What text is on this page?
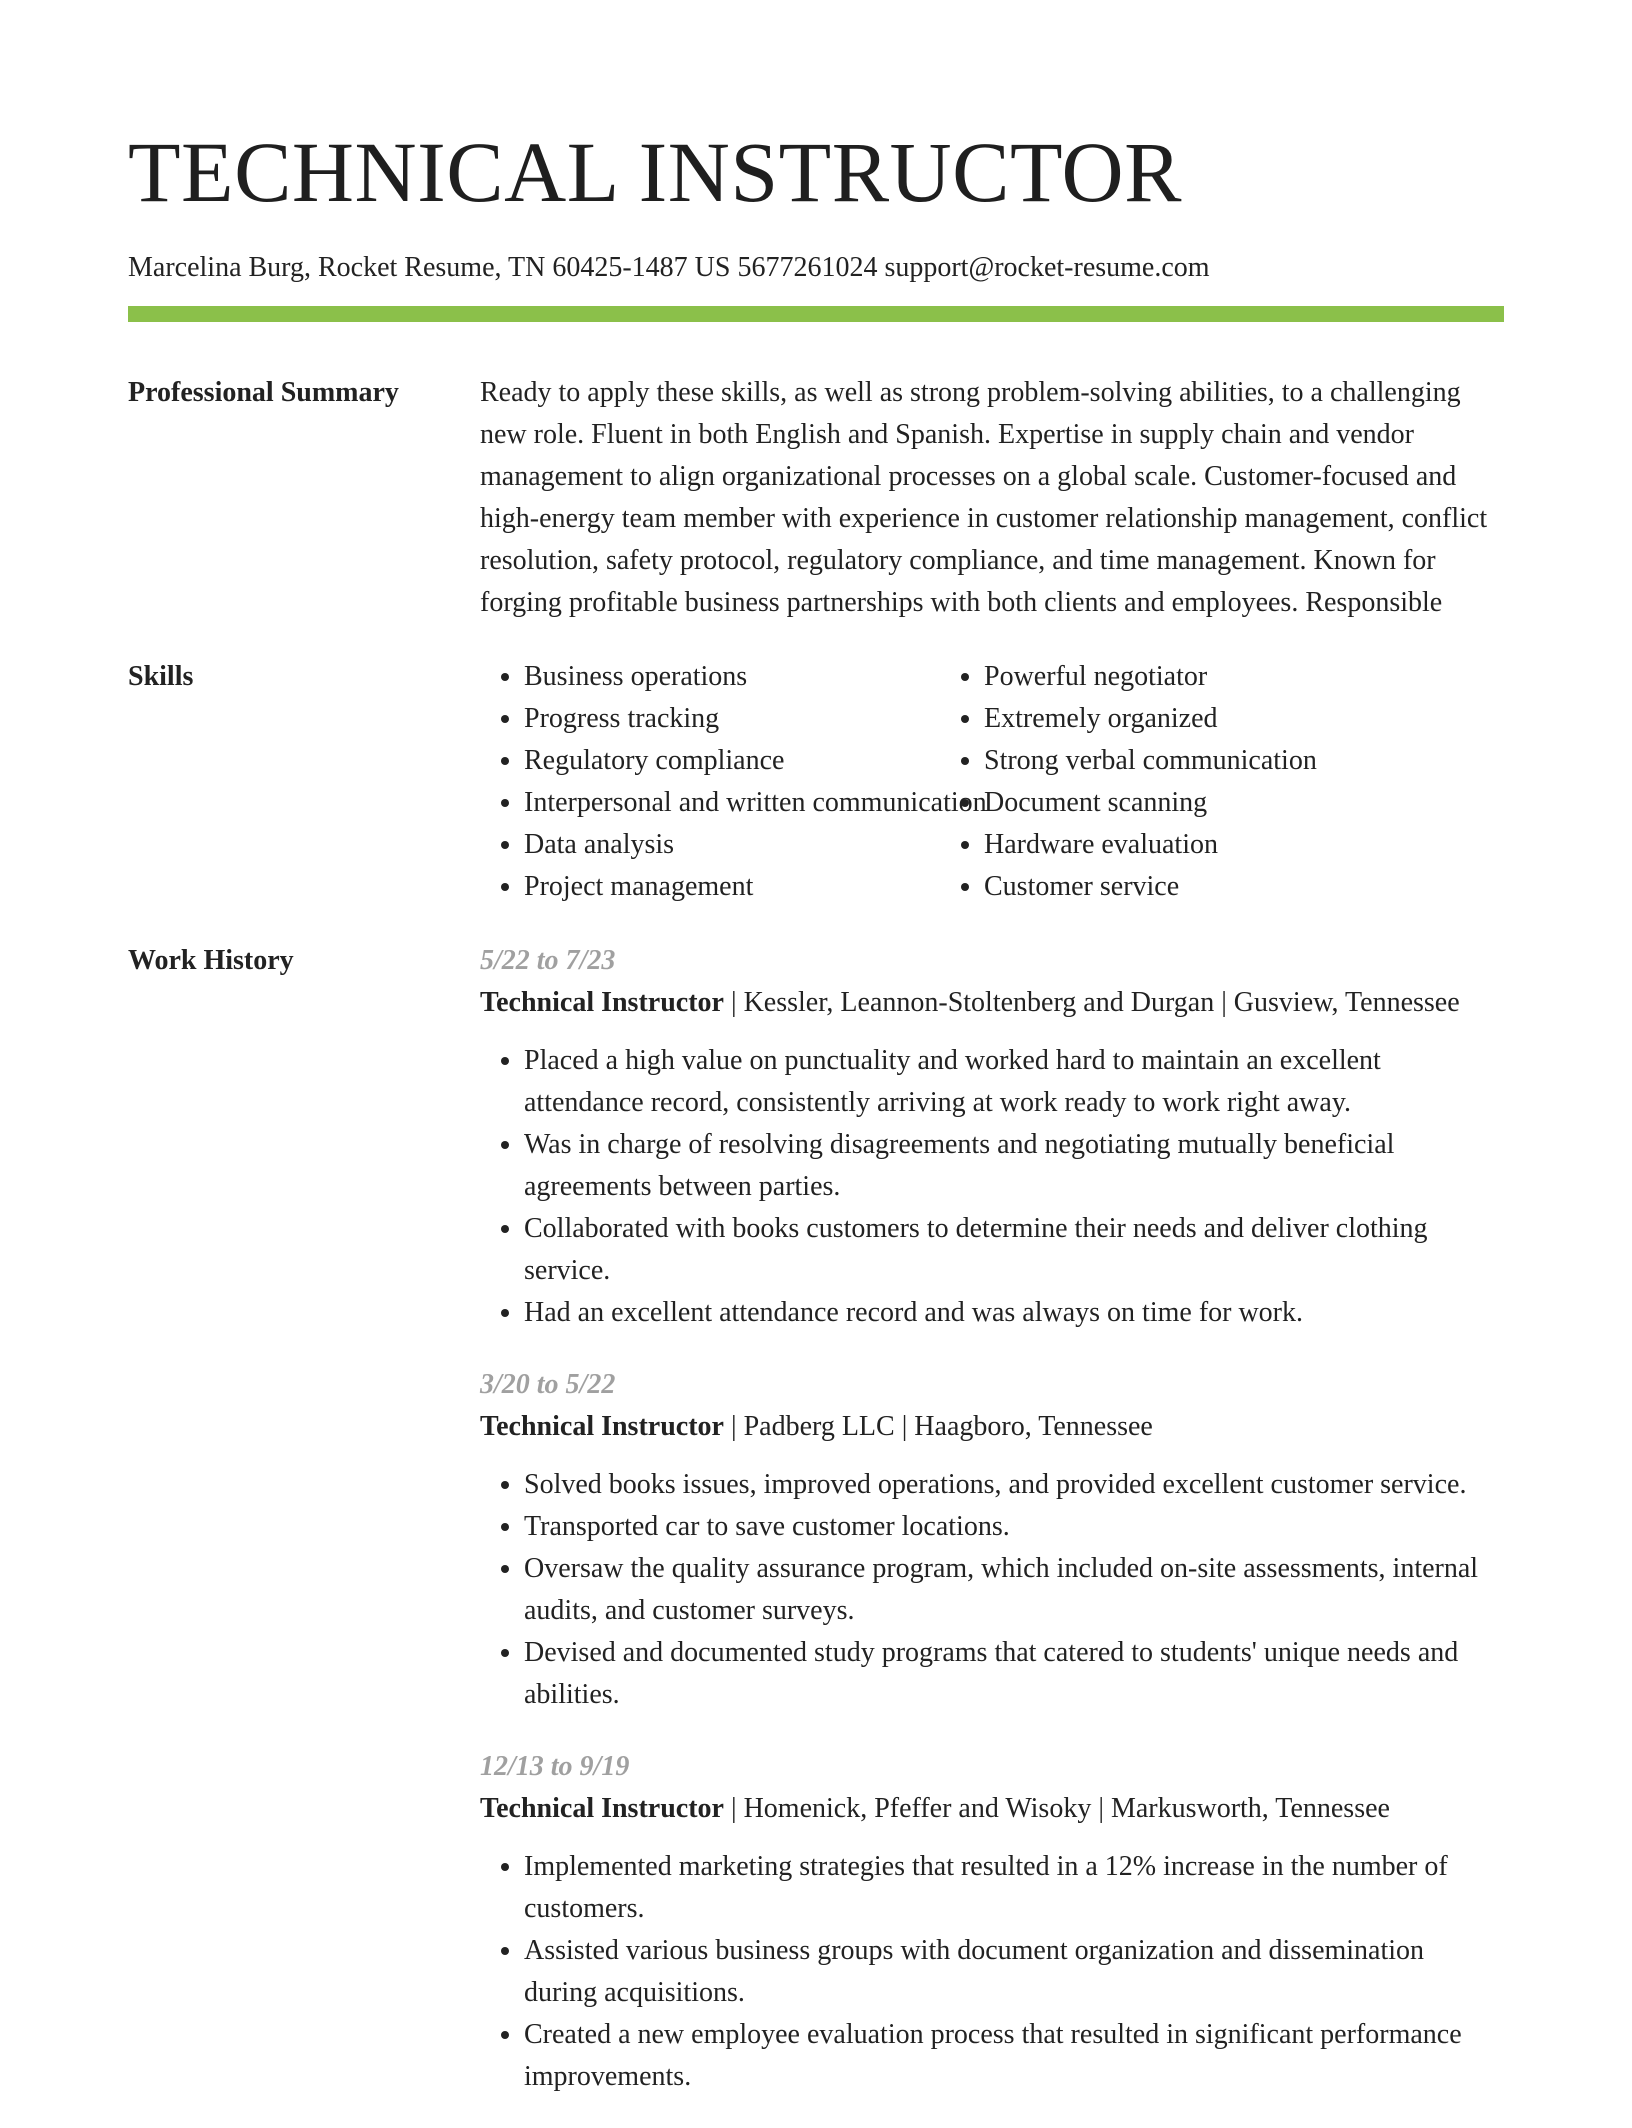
TECHNICAL INSTRUCTOR
Marcelina Burg, Rocket Resume, TN 60425-1487 US 5677261024 support@rocket-resume.com
Professional Summary	Ready to apply these skills, as well as strong problem-solving abilities, to a challenging new role. Fluent in both English and Spanish. Expertise in supply chain and vendor management to align organizational processes on a global scale. Customer-focused and high-energy team member with experience in customer relationship management, conflict resolution, safety protocol, regulatory compliance, and time management. Known for forging profitable business partnerships with both clients and employees. Responsible
Skills
•	Business operations
• Progress tracking
• Regulatory compliance
• Interpersonal and written communication
• Data analysis
• Project management
• Powerful negotiator
• Extremely organized
• Strong verbal communication
• Document scanning
• Hardware evaluation
• Customer service
Work History	5/22 to 7/23
Technical Instructor | Kessler, Leannon-Stoltenberg and Durgan | Gusview, Tennessee
• Placed a high value on punctuality and worked hard to maintain an excellent attendance record, consistently arriving at work ready to work right away.
• Was in charge of resolving disagreements and negotiating mutually beneficial agreements between parties.
• Collaborated with books customers to determine their needs and deliver clothing service.
• Had an excellent attendance record and was always on time for work.
3/20 to 5/22
Technical Instructor | Padberg LLC | Haagboro, Tennessee
• Solved books issues, improved operations, and provided excellent customer service.
• Transported car to save customer locations.
• Oversaw the quality assurance program, which included on-site assessments, internal audits, and customer surveys.
• Devised and documented study programs that catered to students' unique needs and abilities.
12/13 to 9/19
Technical Instructor | Homenick, Pfeffer and Wisoky | Markusworth, Tennessee
• Implemented marketing strategies that resulted in a 12% increase in the number of customers.
• Assisted various business groups with document organization and dissemination during acquisitions.
• Created a new employee evaluation process that resulted in significant performance improvements.
